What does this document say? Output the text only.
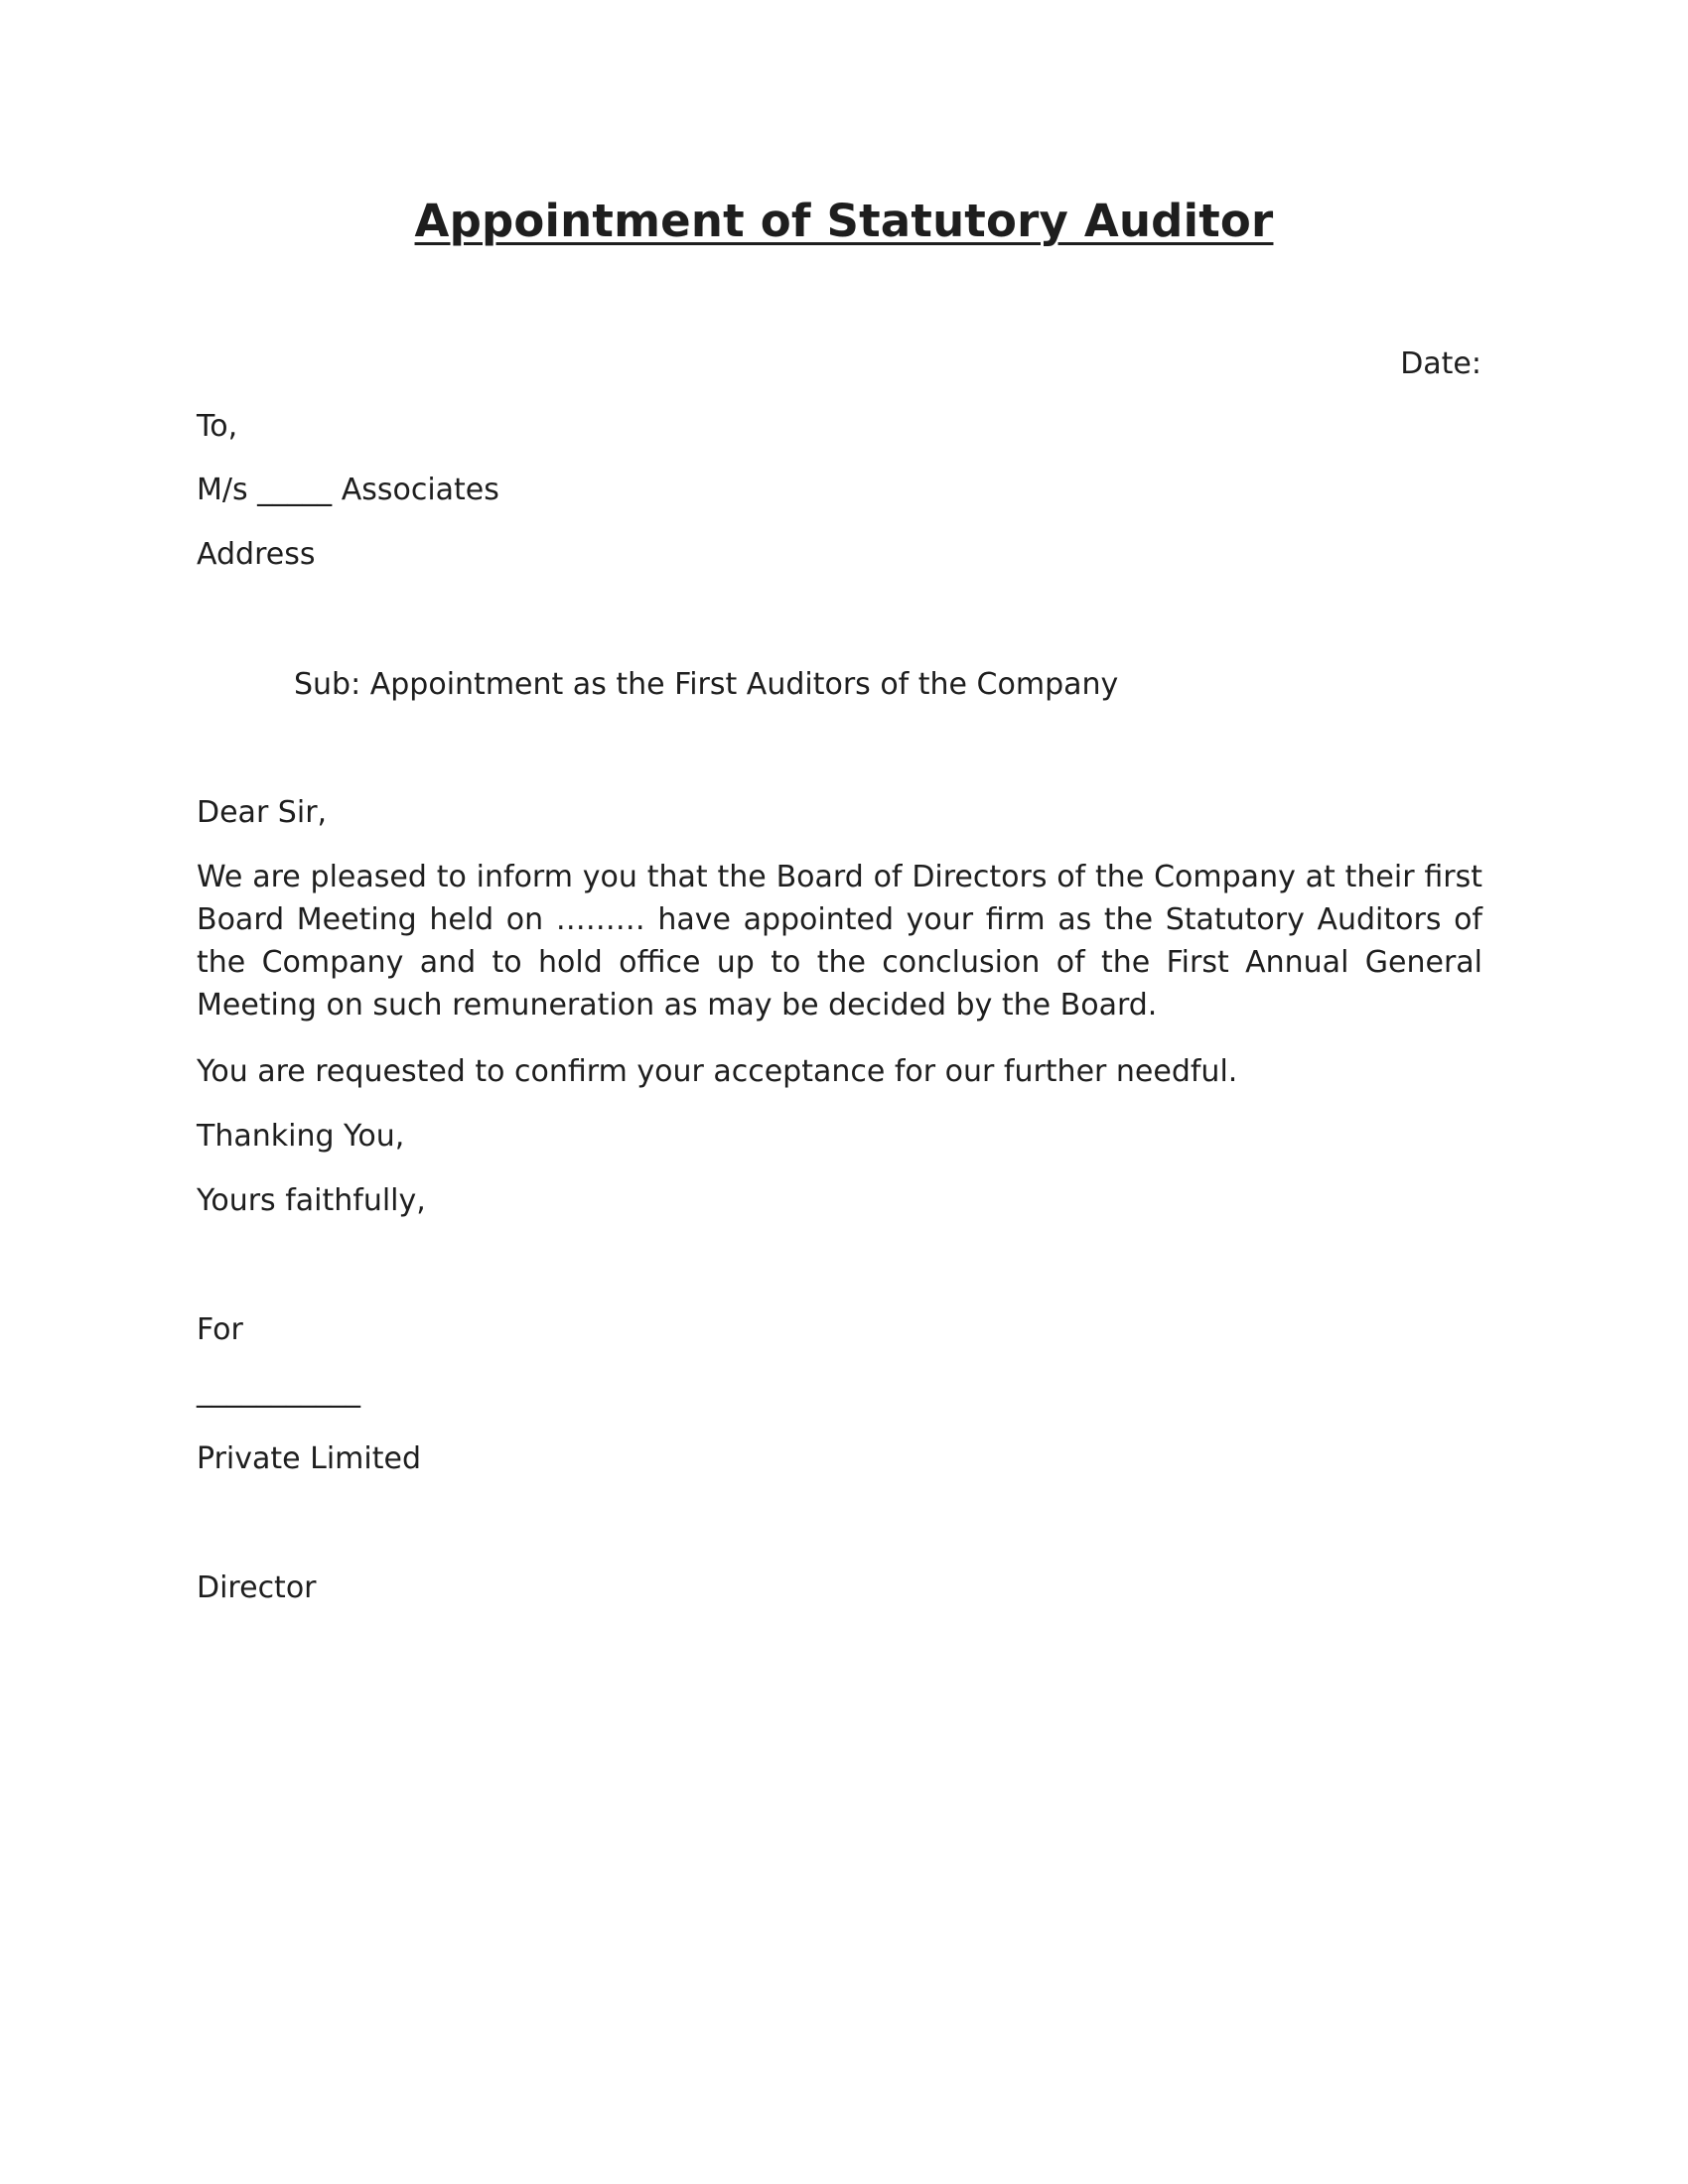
Appointment of Statutory Auditor
Date:
To,
M/s _____ Associates
Address
Sub: Appointment as the First Auditors of the Company
Dear Sir,
We are pleased to inform you that the Board of Directors of the Company at their first Board Meeting held on ……… have appointed your firm as the Statutory Auditors of the Company and to hold office up to the conclusion of the First Annual General Meeting on such remuneration as may be decided by the Board.
You are requested to confirm your acceptance for our further needful.
Thanking You,
Yours faithfully,
For
___________
Private Limited
Director
